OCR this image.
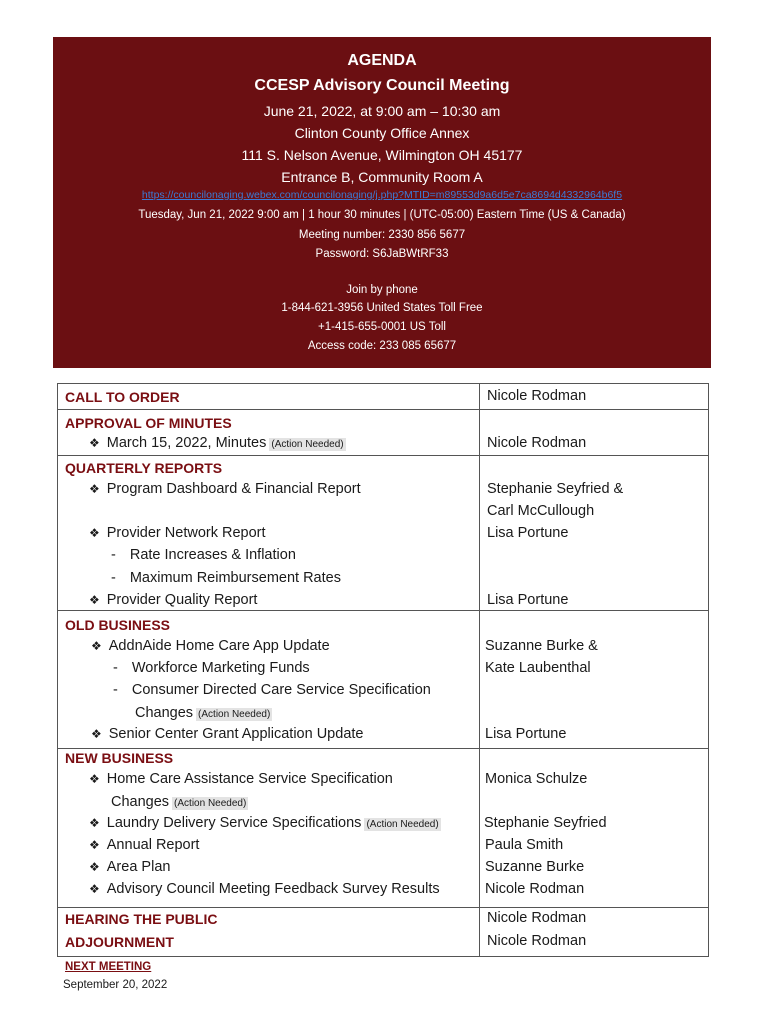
AGENDA
CCESP Advisory Council Meeting
June 21, 2022, at 9:00 am – 10:30 am
Clinton County Office Annex
111 S. Nelson Avenue, Wilmington OH 45177
Entrance B, Community Room A
https://councilonaging.webex.com/councilonaging/j.php?MTID=m89553d9a6d5e7ca8694d4332964b6f5
Tuesday, Jun 21, 2022 9:00 am | 1 hour 30 minutes | (UTC-05:00) Eastern Time (US & Canada)
Meeting number: 2330 856 5677
Password: S6JaBWtRF33
Join by phone
1-844-621-3956 United States Toll Free
+1-415-655-0001 US Toll
Access code: 233 085 65677
CALL TO ORDER	Nicole Rodman
APPROVAL OF MINUTES
❖ March 15, 2022, Minutes (Action Needed)	Nicole Rodman
QUARTERLY REPORTS
❖ Program Dashboard & Financial Report	Stephanie Seyfried &
Carl McCullough
❖ Provider Network Report	Lisa Portune
- Rate Increases & Inflation
- Maximum Reimbursement Rates
❖ Provider Quality Report	Lisa Portune
OLD BUSINESS
❖ AddnAide Home Care App Update	Suzanne Burke &
Kate Laubenthal
- Workforce Marketing Funds
- Consumer Directed Care Service Specification
Changes (Action Needed)
❖ Senior Center Grant Application Update	Lisa Portune
NEW BUSINESS
❖ Home Care Assistance Service Specification	Monica Schulze
Changes (Action Needed)
❖ Laundry Delivery Service Specifications (Action Needed)	Stephanie Seyfried
❖ Annual Report	Paula Smith
❖ Area Plan	Suzanne Burke
❖ Advisory Council Meeting Feedback Survey Results	Nicole Rodman
HEARING THE PUBLIC	Nicole Rodman
ADJOURNMENT	Nicole Rodman
NEXT MEETING
September 20, 2022
